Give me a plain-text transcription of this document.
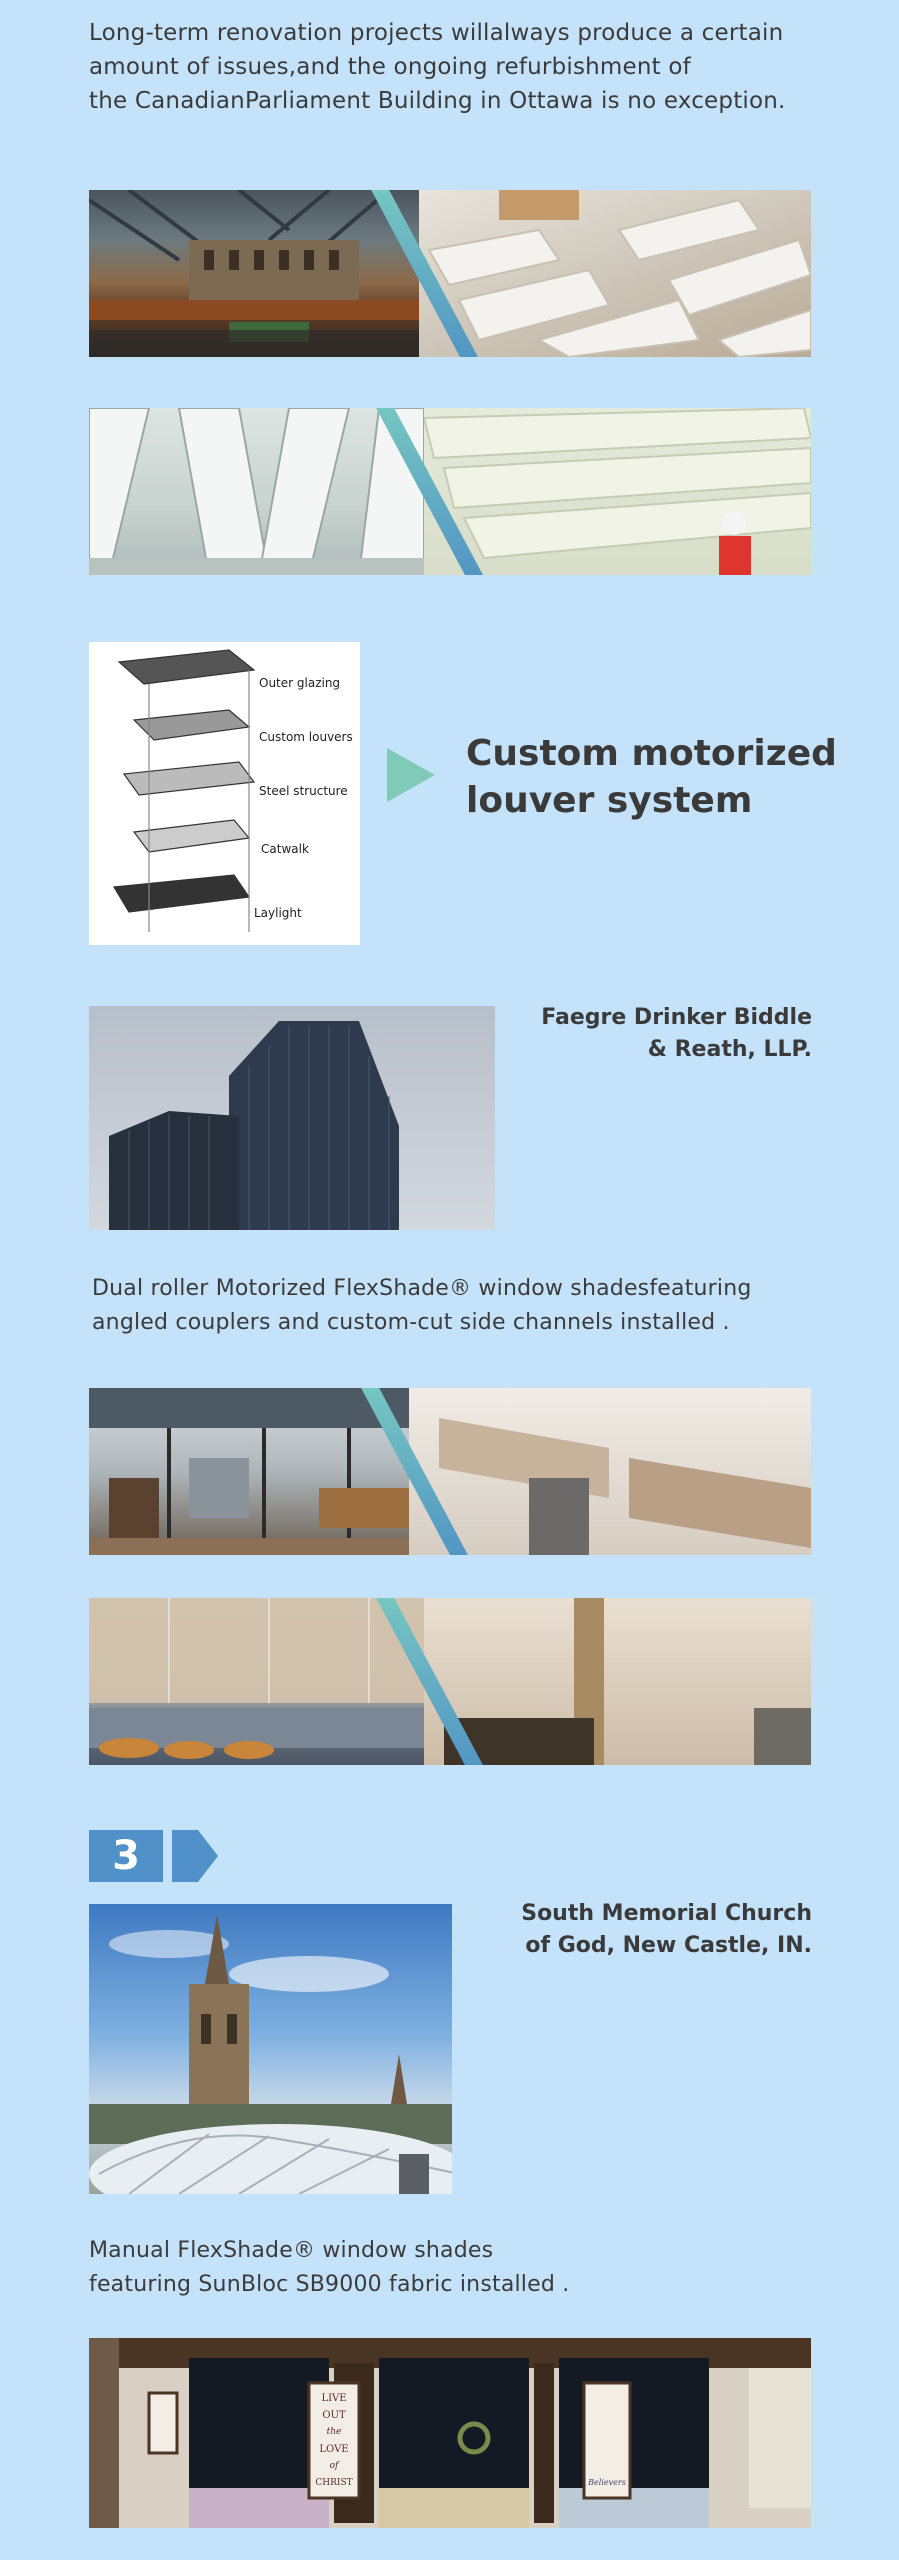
Long-term renovation projects willalways produce a certain
amount of issues,and the ongoing refurbishment of
the CanadianParliament Building in Ottawa is no exception.
Outer glazing
Custom louvers
Steel structure
Catwalk
Laylight
Custom motorized
louver system
Faegre Drinker Biddle
& Reath, LLP.
Dual roller Motorized FlexShade® window shadesfeaturing
angled couplers and custom-cut side channels installed .
3
South Memorial Church
of God, New Castle, IN.
Manual FlexShade® window shades
featuring SunBloc SB9000 fabric installed .
LIVE
OUT
the
LOVE
of
CHRIST	Believers
